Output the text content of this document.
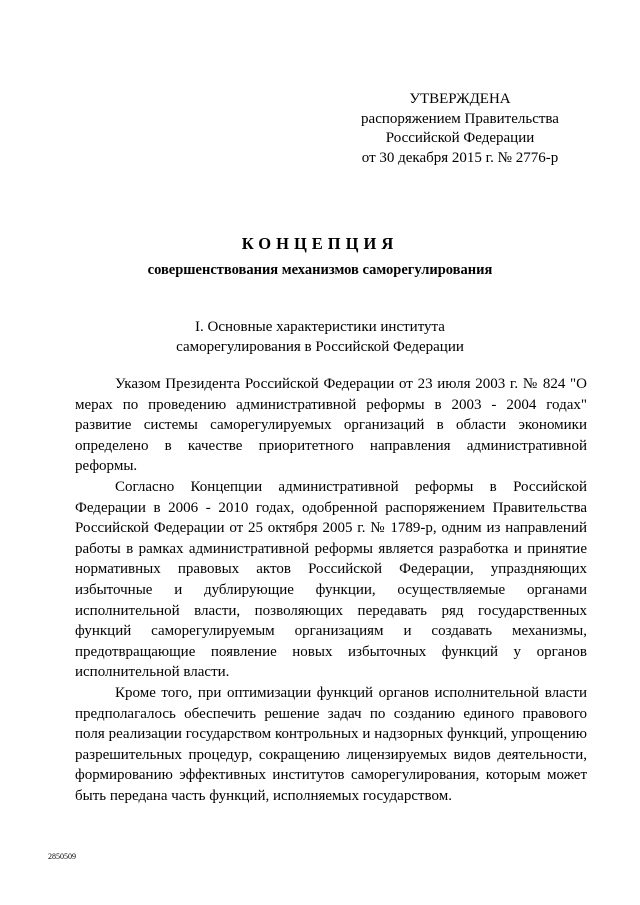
УТВЕРЖДЕНА
распоряжением Правительства
Российской Федерации
от 30 декабря 2015 г. № 2776-р
КОНЦЕПЦИЯ
совершенствования механизмов саморегулирования
I. Основные характеристики института
саморегулирования в Российской Федерации

Указом Президента Российской Федерации от 23 июля 2003 г. № 824 "О мерах по проведению административной реформы в 2003 - 2004 годах" развитие системы саморегулируемых организаций в области экономики определено в качестве приоритетного направления административной реформы.

Согласно Концепции административной реформы в Российской Федерации в 2006 - 2010 годах, одобренной распоряжением Правительства Российской Федерации от 25 октября 2005 г. № 1789-р, одним из направлений работы в рамках административной реформы является разработка и принятие нормативных правовых актов Российской Федерации, упраздняющих избыточные и дублирующие функции, осуществляемые органами исполнительной власти, позволяющих передавать ряд государственных функций саморегулируемым организациям и создавать механизмы, предотвращающие появление новых избыточных функций у органов исполнительной власти.

Кроме того, при оптимизации функций органов исполнительной власти предполагалось обеспечить решение задач по созданию единого правового поля реализации государством контрольных и надзорных функций, упрощению разрешительных процедур, сокращению лицензируемых видов деятельности, формированию эффективных институтов саморегулирования, которым может быть передана часть функций, исполняемых государством.

2850509
